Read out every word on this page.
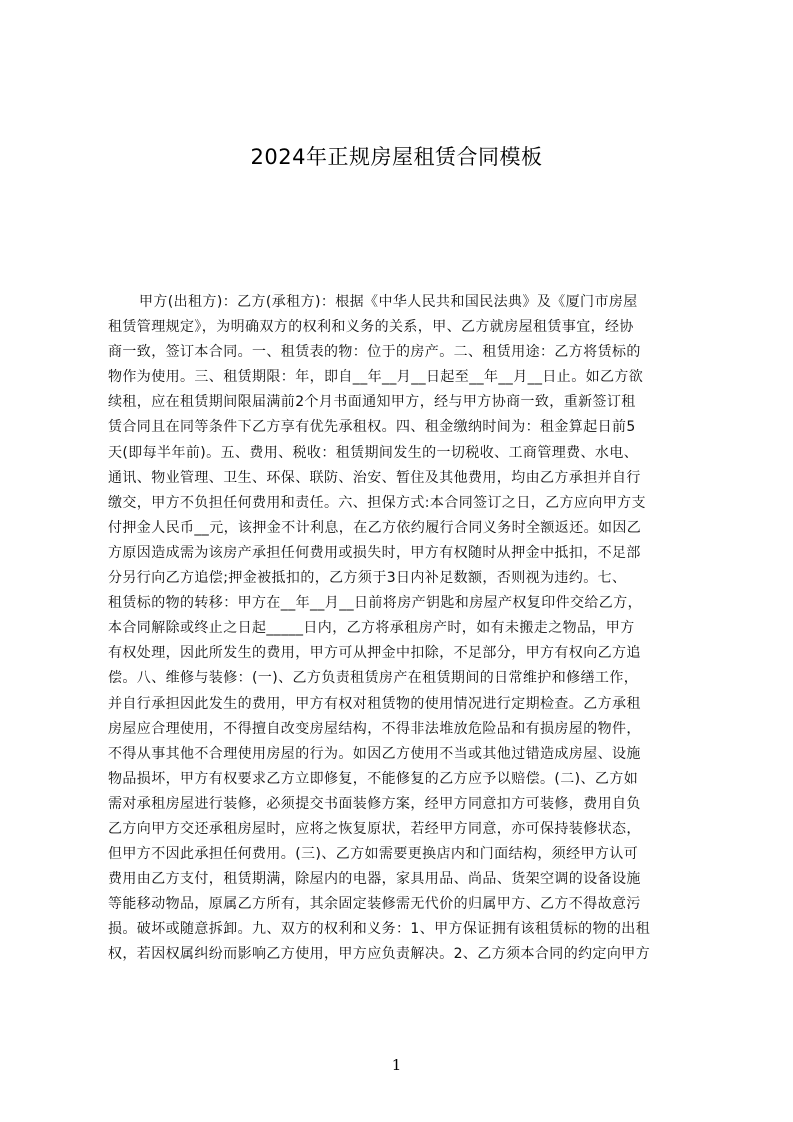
2024年正规房屋租赁合同模板
甲方(出租方)：乙方(承租方)：根据《中华人民共和国民法典》及《厦门市房屋
租赁管理规定》，为明确双方的权利和义务的关系，甲、乙方就房屋租赁事宜，经协
商一致，签订本合同。一、租赁表的物：位于的房产。二、租赁用途：乙方将赁标的
物作为使用。三、租赁期限：年，即自__年__月__日起至__年__月__日止。如乙方欲
续租，应在租赁期间限届满前2个月书面通知甲方，经与甲方协商一致，重新签订租
赁合同且在同等条件下乙方享有优先承租权。四、租金缴纳时间为：租金算起日前5
天(即每半年前)。五、费用、税收：租赁期间发生的一切税收、工商管理费、水电、
通讯、物业管理、卫生、环保、联防、治安、暂住及其他费用，均由乙方承担并自行
缴交，甲方不负担任何费用和责任。六、担保方式:本合同签订之日，乙方应向甲方支
付押金人民币__元，该押金不计利息，在乙方依约履行合同义务时全额返还。如因乙
方原因造成需为该房产承担任何费用或损失时，甲方有权随时从押金中抵扣，不足部
分另行向乙方追偿;押金被抵扣的，乙方须于3日内补足数额，否则视为违约。七、
租赁标的物的转移：甲方在__年__月__日前将房产钥匙和房屋产权复印件交给乙方，
本合同解除或终止之日起_____日内，乙方将承租房产时，如有未搬走之物品，甲方
有权处理，因此所发生的费用，甲方可从押金中扣除，不足部分，甲方有权向乙方追
偿。八、维修与装修：(一)、乙方负责租赁房产在租赁期间的日常维护和修缮工作，
并自行承担因此发生的费用，甲方有权对租赁物的使用情况进行定期检查。乙方承租
房屋应合理使用，不得擅自改变房屋结构，不得非法堆放危险品和有损房屋的物件，
不得从事其他不合理使用房屋的行为。如因乙方使用不当或其他过错造成房屋、设施
物品损坏，甲方有权要求乙方立即修复，不能修复的乙方应予以赔偿。(二)、乙方如
需对承租房屋进行装修，必须提交书面装修方案，经甲方同意扣方可装修，费用自负
乙方向甲方交还承租房屋时，应将之恢复原状，若经甲方同意，亦可保持装修状态，
但甲方不因此承担任何费用。(三)、乙方如需要更换店内和门面结构，须经甲方认可
费用由乙方支付，租赁期满，除屋内的电器，家具用品、尚品、货架空调的设备设施
等能移动物品，原属乙方所有，其余固定装修需无代价的归属甲方、乙方不得故意污
损。破坏或随意拆卸。九、双方的权利和义务：1、甲方保证拥有该租赁标的物的出租
权，若因权属纠纷而影响乙方使用，甲方应负责解决。2、乙方须本合同的约定向甲方
1
